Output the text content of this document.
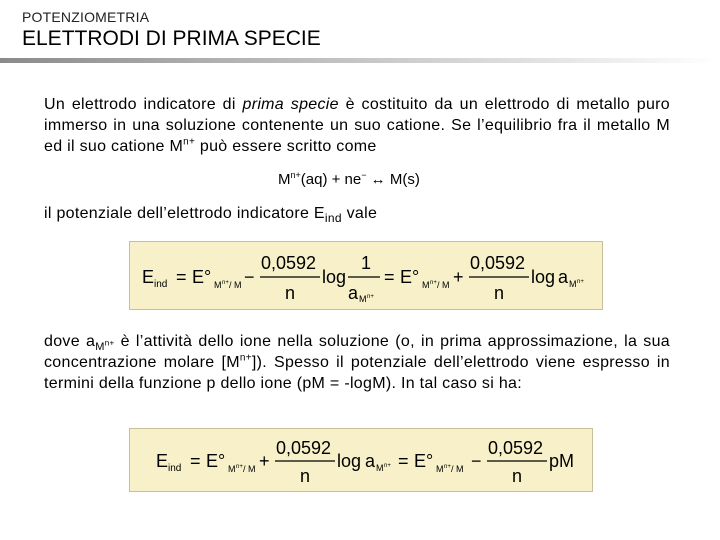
POTENZIOMETRIA
ELETTRODI DI PRIMA SPECIE
Un elettrodo indicatore di prima specie è costituito da un elettrodo di metallo puro immerso in una soluzione contenente un suo catione. Se l’equilibrio fra il metallo M ed il suo catione $M^{n+}$ può essere scritto come
$M^{n+}(aq) + ne^-$ ↔ M(s)
il potenziale dell’elettrodo indicatore $E_{ind}$ vale
E ind = E° M n+ / M −
0,0592
n
log
1
a M n+
= E° M n+ / M +
0,0592
n
log a M n+
dove $a_{M^{n+}}$ è l’attività dello ione nella soluzione (o, in prima approssimazione, la sua concentrazione molare $[M^{n+}]$). Spesso il potenziale dell’elettrodo viene espresso in termini della funzione p dello ione (pM = -logM). In tal caso si ha:
E ind = E° M n+ / M +
0,0592
n
log a M n+ = E° M n+ / M −
0,0592
n
pM
